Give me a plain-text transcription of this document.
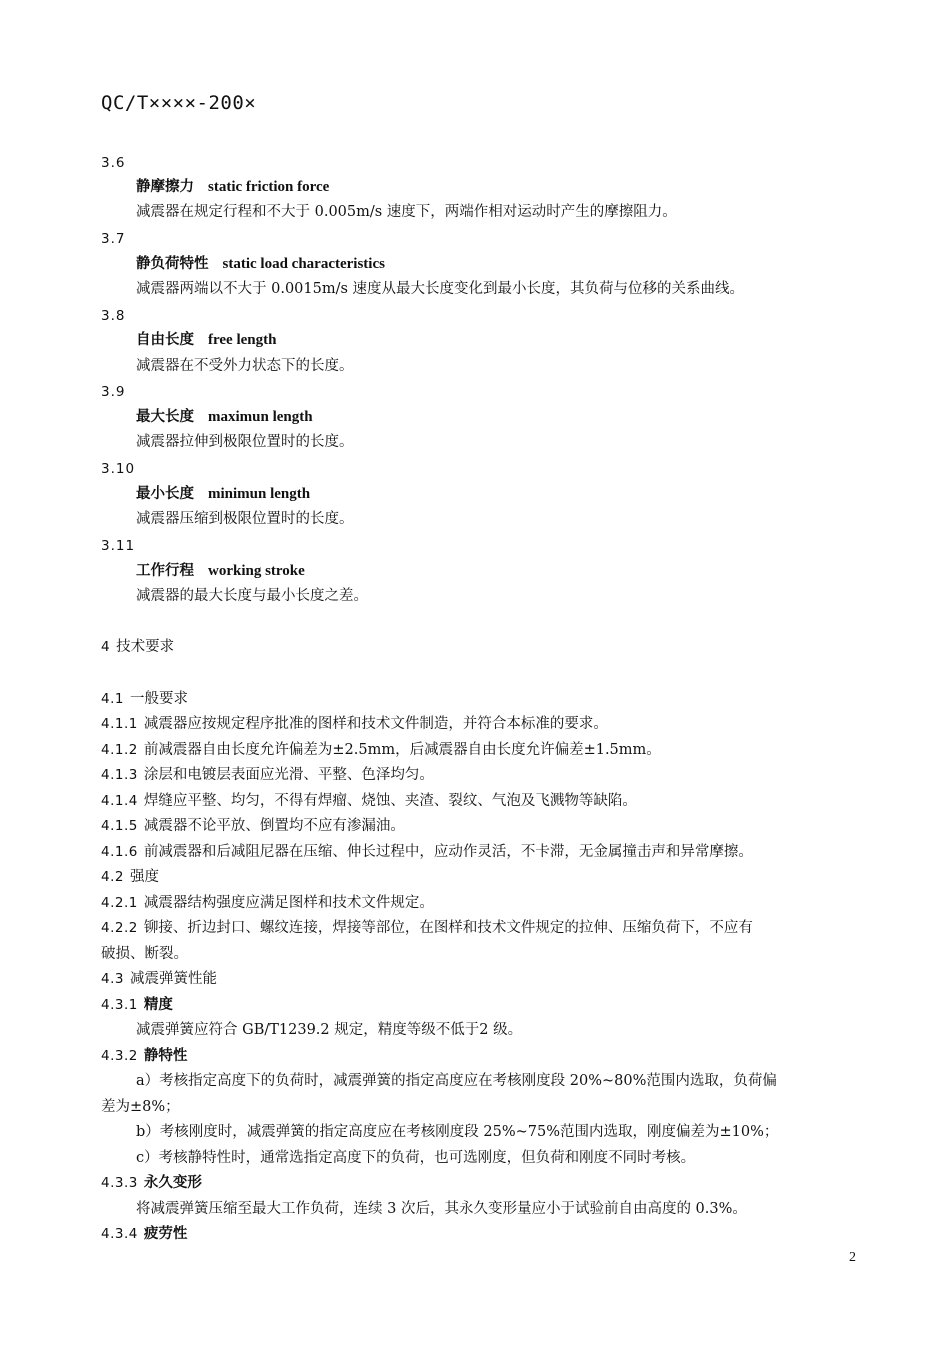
QC/T××××-200×
3.6
静摩擦力 static friction force
减震器在规定行程和不大于 0.005m/s 速度下，两端作相对运动时产生的摩擦阻力。
3.7
静负荷特性 static load characteristics
减震器两端以不大于 0.0015m/s 速度从最大长度变化到最小长度，其负荷与位移的关系曲线。
3.8
自由长度 free length
减震器在不受外力状态下的长度。
3.9
最大长度 maximun length
减震器拉伸到极限位置时的长度。
3.10
最小长度 minimun length
减震器压缩到极限位置时的长度。
3.11
工作行程 working stroke
减震器的最大长度与最小长度之差。
4 技术要求
4.1 一般要求
4.1.1 减震器应按规定程序批准的图样和技术文件制造，并符合本标准的要求。
4.1.2 前减震器自由长度允许偏差为±2.5mm，后减震器自由长度允许偏差±1.5mm。
4.1.3 涂层和电镀层表面应光滑、平整、色泽均匀。
4.1.4 焊缝应平整、均匀，不得有焊瘤、烧蚀、夹渣、裂纹、气泡及飞溅物等缺陷。
4.1.5 减震器不论平放、倒置均不应有渗漏油。
4.1.6 前减震器和后减阻尼器在压缩、伸长过程中，应动作灵活，不卡滞，无金属撞击声和异常摩擦。
4.2 强度
4.2.1 减震器结构强度应满足图样和技术文件规定。
4.2.2 铆接、折边封口、螺纹连接，焊接等部位，在图样和技术文件规定的拉伸、压缩负荷下，不应有
破损、断裂。
4.3 减震弹簧性能
4.3.1 精度
减震弹簧应符合 GB/T1239.2 规定，精度等级不低于2 级。
4.3.2 静特性
a）考核指定高度下的负荷时，减震弹簧的指定高度应在考核刚度段 20%~80%范围内选取，负荷偏
差为±8%；
b）考核刚度时，减震弹簧的指定高度应在考核刚度段 25%~75%范围内选取，刚度偏差为±10%；
c）考核静特性时，通常选指定高度下的负荷，也可选刚度，但负荷和刚度不同时考核。
4.3.3 永久变形
将减震弹簧压缩至最大工作负荷，连续 3 次后，其永久变形量应小于试验前自由高度的 0.3%。
4.3.4 疲劳性
2
